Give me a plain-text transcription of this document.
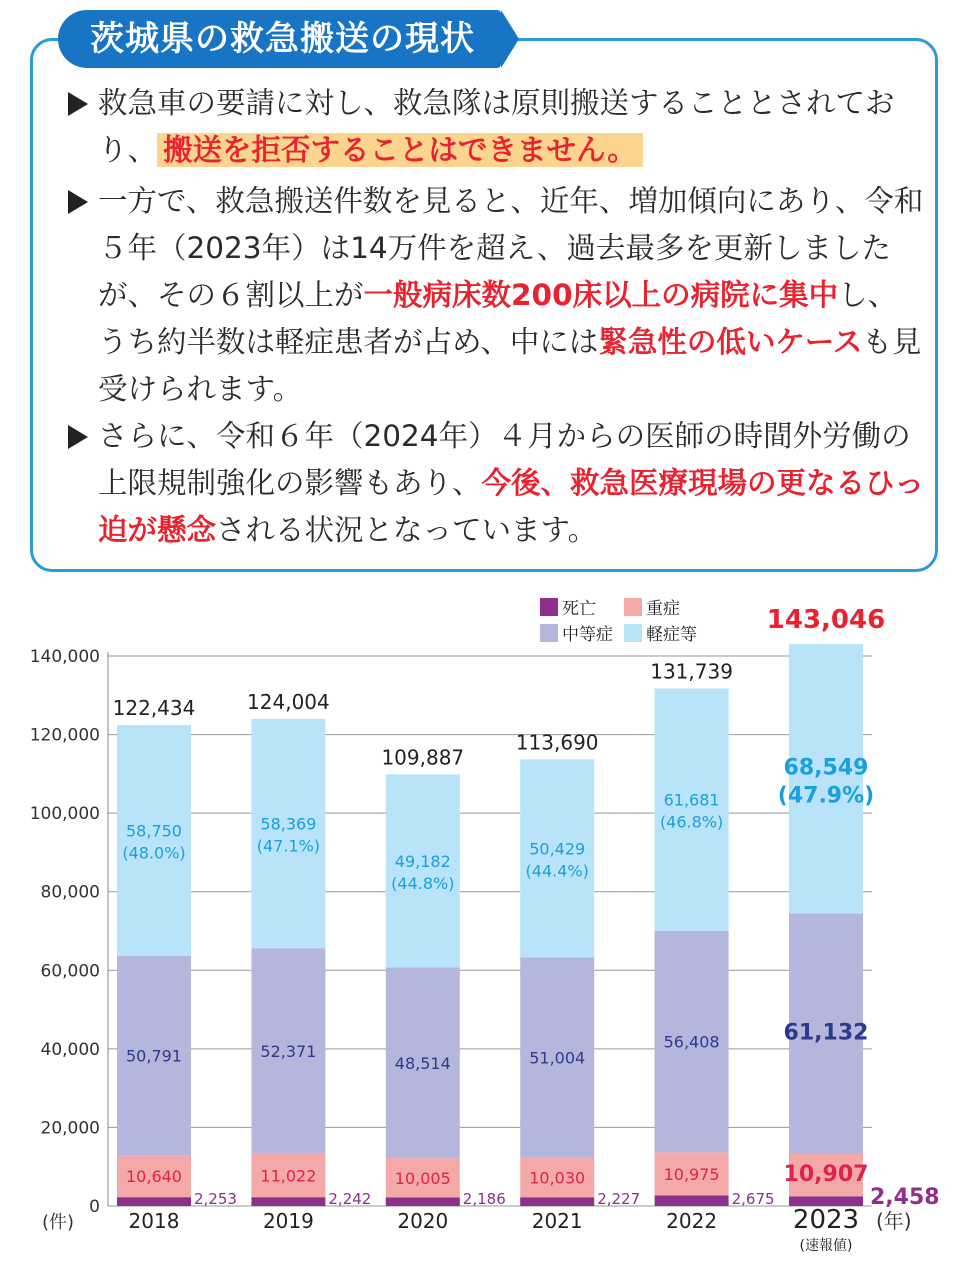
茨城県の救急搬送の現状
救急車の要請に対し、救急隊は原則搬送することとされており、 搬送を拒否することはできません。
一方で、救急搬送件数を見ると、近年、増加傾向にあり、令和５年（2023年）は14万件を超え、過去最多を更新しましたが、その６割以上が一般病床数200床以上の病院に集中し、うち約半数は軽症患者が占め、中には緊急性の低いケースも見受けられます。
さらに、令和６年（2024年）４月からの医師の時間外労働の上限規制強化の影響もあり、今後、救急医療現場の更なるひっ迫が懸念される状況となっています。
0
20,000
40,000
60,000
80,000
100,000
120,000
140,000
(件)	(年)
2018	2019	2020	2021	2022	2023
2,253
10,640
50,791
58,750
(48.0%)
122,434
2,242
11,022
52,371
58,369
(47.1%)
124,004
2,186
10,005
48,514
49,182
(44.8%)
109,887
2,227
10,030
51,004
50,429
(44.4%)
113,690
2,675
10,975
56,408
61,681
(46.8%)
131,739
2,458
10,907
61,132
68,549
(47.9%)
143,046
(速報値)
死亡	重症
中等症 軽症等
